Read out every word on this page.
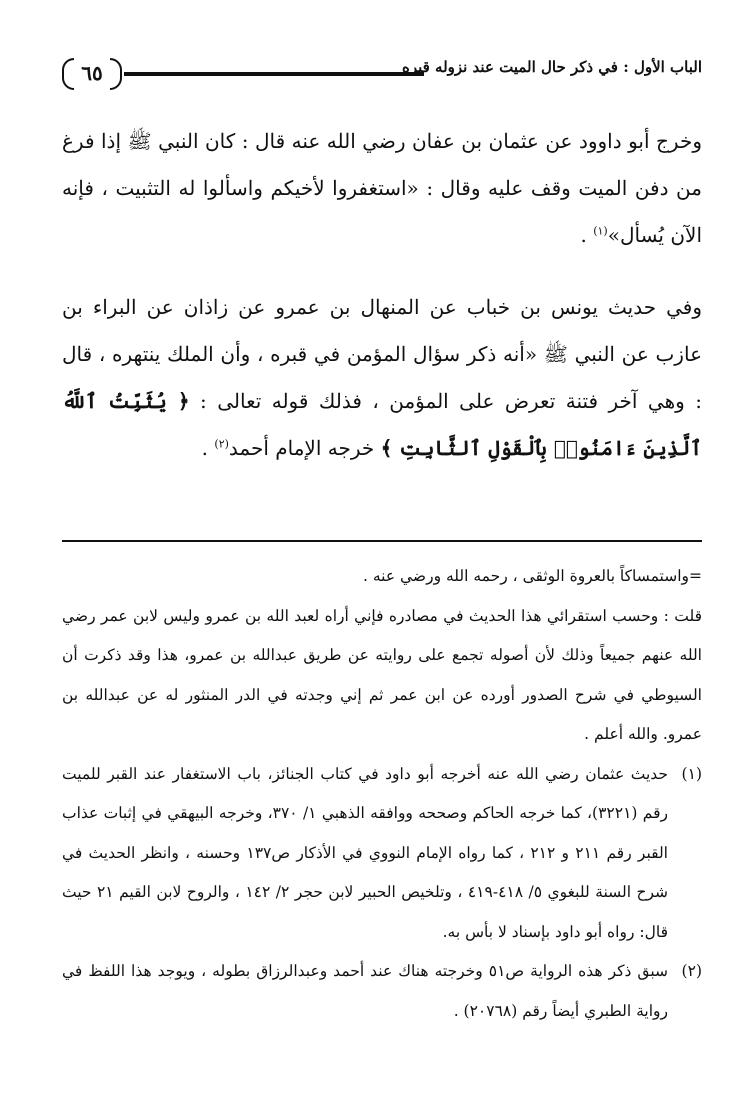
٦٥	الباب الأول : في ذكر حال الميت عند نزوله قبره

وخرج أبو داوود عن عثمان بن عفان رضي الله عنه قال : كان النبي ﷺ إذا فرغ من دفن الميت وقف عليه وقال : «استغفروا لأخيكم واسألوا له التثبيت ، فإنه الآن يُسأل»$^{(١)}$ .

وفي حديث يونس بن خباب عن المنهال بن عمرو عن زاذان عن البراء بن عازب عن النبي ﷺ «أنه ذكر سؤال المؤمن في قبره ، وأن الملك ينتهره ، قال : وهي آخر فتنة تعرض على المؤمن ، فذلك قوله تعالى : ﴿ يُثَبِّتُ ٱللَّهُ ٱلَّذِينَ ءَامَنُوا۟ بِٱلْقَوْلِ ٱلثَّابِتِ ﴾ خرجه الإمام أحمد$^{(٢)}$ .

=واستمساكاً بالعروة الوثقى ، رحمه الله ورضي عنه .

قلت : وحسب استقرائي هذا الحديث في مصادره فإني أراه لعبد الله بن عمرو وليس لابن عمر رضي الله عنهم جميعاً وذلك لأن أصوله تجمع على روايته عن طريق عبدالله بن عمرو، هذا وقد ذكرت أن السيوطي في شرح الصدور أورده عن ابن عمر ثم إني وجدته في الدر المنثور له عن عبدالله بن عمرو. والله أعلم .

(١)
حديث عثمان رضي الله عنه أخرجه أبو داود في كتاب الجنائز، باب الاستغفار عند القبر للميت رقم (٣٢٢١)، كما خرجه الحاكم وصححه ووافقه الذهبي ١/ ٣٧٠، وخرجه البيهقي في إثبات عذاب القبر رقم ٢١١ و ٢١٢ ، كما رواه الإمام النووي في الأذكار ص١٣٧ وحسنه ، وانظر الحديث في شرح السنة للبغوي ٥/ ٤١٨-٤١٩ ، وتلخيص الحبير لابن حجر ٢/ ١٤٢ ، والروح لابن القيم ٢١ حيث قال: رواه أبو داود بإسناد لا بأس به.
(٢)
سبق ذكر هذه الرواية ص٥١ وخرجته هناك عند أحمد وعبدالرزاق بطوله ، ويوجد هذا اللفظ في رواية الطبري أيضاً رقم (٢٠٧٦٨) .
